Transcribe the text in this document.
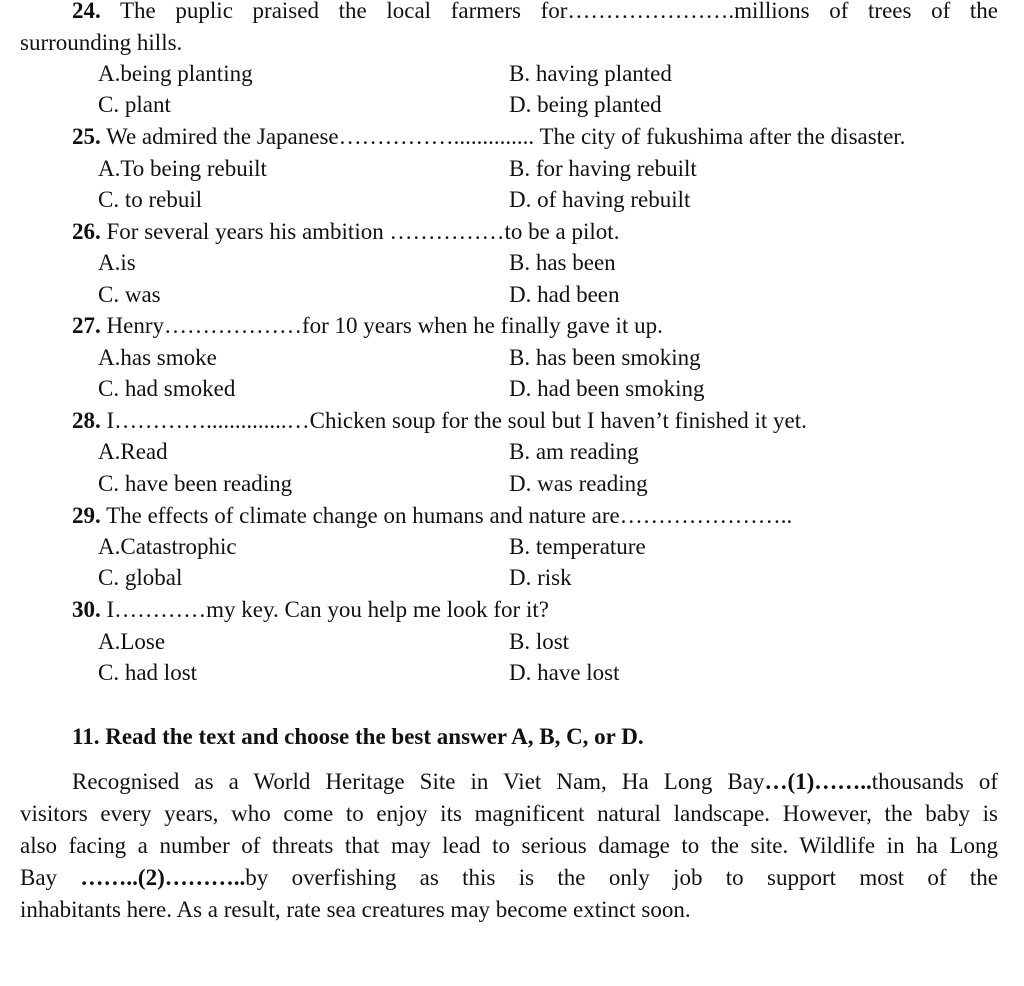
24. The puplic praised the local farmers for………………….millions of trees of the
surrounding hills.
A.being planting	B. having planted
C. plant	D. being planted
25. We admired the Japanese…………….............. The city of fukushima after the disaster.
A.To being rebuilt	B. for having rebuilt
C. to rebuil	D. of having rebuilt
26. For several years his ambition ……………to be a pilot.
A.is	B. has been
C. was	D. had been
27. Henry………………for 10 years when he finally gave it up.
A.has smoke	B. has been smoking
C. had smoked	D. had been smoking
28. I…………..............…Chicken soup for the soul but I haven’t finished it yet.
A.Read	B. am reading
C. have been reading	D. was reading
29. The effects of climate change on humans and nature are…………………..
A.Catastrophic	B. temperature
C. global	D. risk
30. I…………my key. Can you help me look for it?
A.Lose	B. lost
C. had lost	D. have lost
11. Read the text and choose the best answer A, B, C, or D.
Recognised as a World Heritage Site in Viet Nam, Ha Long Bay…(1)……..thousands of
visitors every years, who come to enjoy its magnificent natural landscape. However, the baby is
also facing a number of threats that may lead to serious damage to the site. Wildlife in ha Long
Bay ……..(2)………..by overfishing as this is the only job to support most of the
inhabitants here. As a result, rate sea creatures may become extinct soon.
